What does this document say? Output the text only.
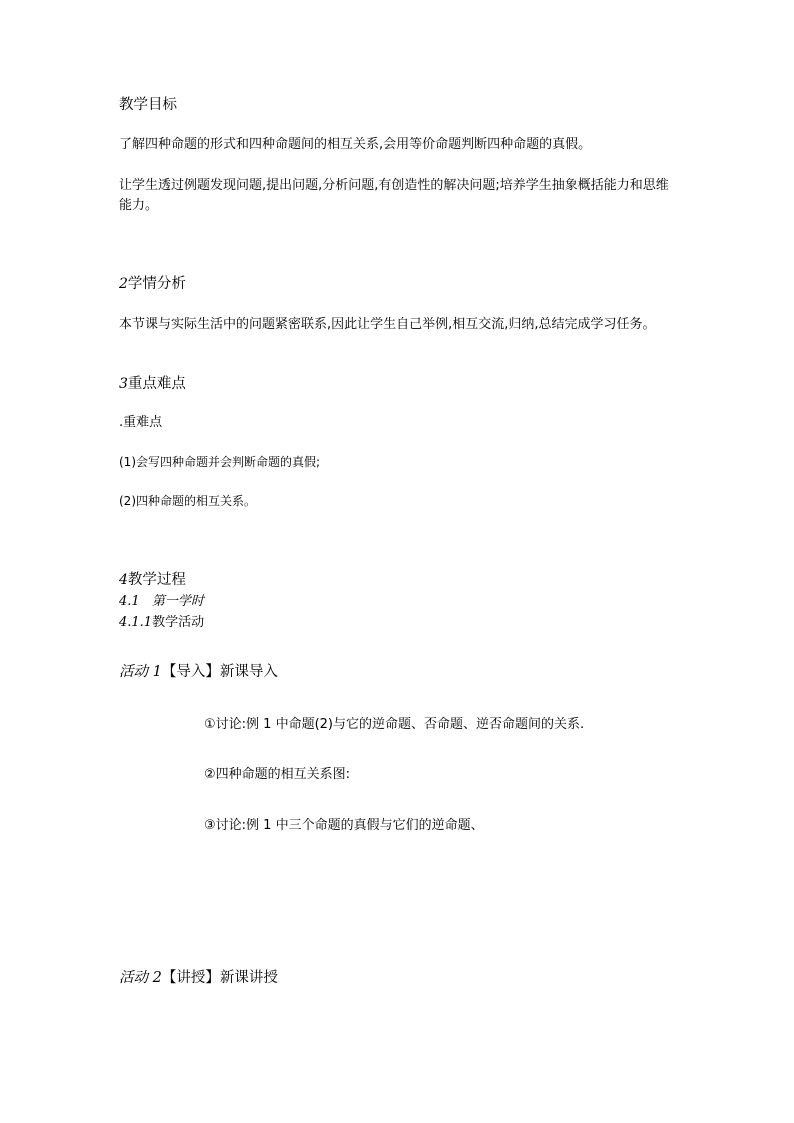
教学目标

了解四种命题的形式和四种命题间的相互关系,会用等价命题判断四种命题的真假。

让学生透过例题发现问题,提出问题,分析问题,有创造性的解决问题;培养学生抽象概括能力和思维能力。

2学情分析

本节课与实际生活中的问题紧密联系,因此让学生自己举例,相互交流,归纳,总结完成学习任务。

3重点难点

.重难点

(1)会写四种命题并会判断命题的真假;

(2)四种命题的相互关系。

4教学过程

4.1 第一学时

4.1.1教学活动

活动 1【导入】新课导入

①讨论:例 1 中命题(2)与它的逆命题、否命题、逆否命题间的关系.

②四种命题的相互关系图:

③讨论:例 1 中三个命题的真假与它们的逆命题、

活动 2【讲授】新课讲授
